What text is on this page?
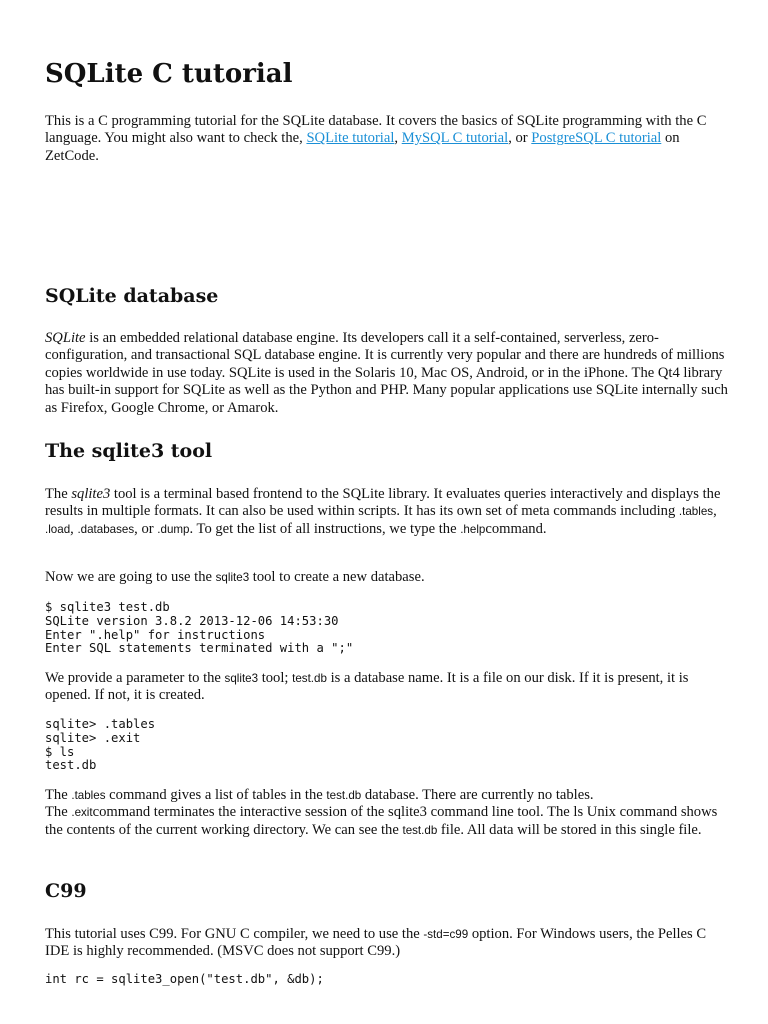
SQLite C tutorial

This is a C programming tutorial for the SQLite database. It covers the basics of SQLite programming with the C language. You might also want to check the, SQLite tutorial, MySQL C tutorial, or PostgreSQL C tutorial on ZetCode.

SQLite database

SQLite is an embedded relational database engine. Its developers call it a self-contained, serverless, zero-configuration, and transactional SQL database engine. It is currently very popular and there are hundreds of millions copies worldwide in use today. SQLite is used in the Solaris 10, Mac OS, Android, or in the iPhone. The Qt4 library has built-in support for SQLite as well as the Python and PHP. Many popular applications use SQLite internally such as Firefox, Google Chrome, or Amarok.

The sqlite3 tool

The sqlite3 tool is a terminal based frontend to the SQLite library. It evaluates queries interactively and displays the results in multiple formats. It can also be used within scripts. It has its own set of meta commands including .tables, .load, .databases, or .dump. To get the list of all instructions, we type the .helpcommand.

Now we are going to use the sqlite3 tool to create a new database.

$ sqlite3 test.db
SQLite version 3.8.2 2013-12-06 14:53:30
Enter ".help" for instructions
Enter SQL statements terminated with a ";"

We provide a parameter to the sqlite3 tool; test.db is a database name. It is a file on our disk. If it is present, it is opened. If not, it is created.

sqlite> .tables
sqlite> .exit
$ ls
test.db

The .tables command gives a list of tables in the test.db database. There are currently no tables.
The .exitcommand terminates the interactive session of the sqlite3 command line tool. The ls Unix command shows the contents of the current working directory. We can see the test.db file. All data will be stored in this single file.

C99

This tutorial uses C99. For GNU C compiler, we need to use the -std=c99 option. For Windows users, the Pelles C IDE is highly recommended. (MSVC does not support C99.)

int rc = sqlite3_open("test.db", &db);
